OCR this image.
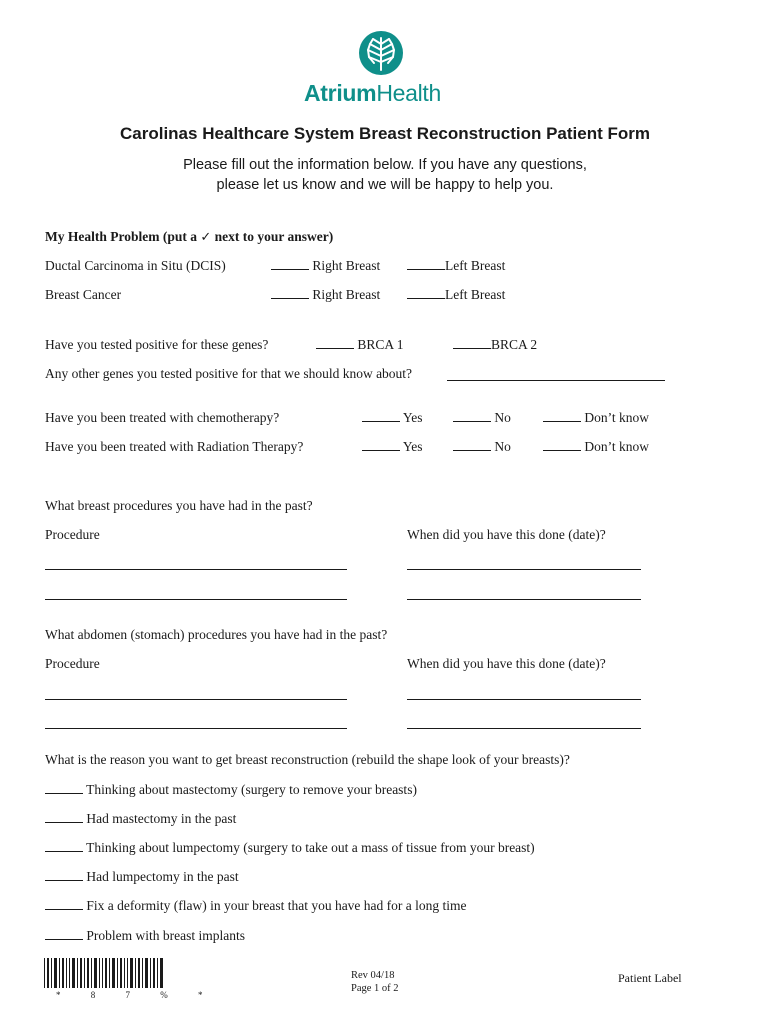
AtriumHealth
Carolinas Healthcare System Breast Reconstruction Patient Form
Please fill out the information below. If you have any questions,
please let us know and we will be happy to help you.
My Health Problem (put a ✓ next to your answer)
Ductal Carcinoma in Situ (DCIS)	Right Breast	Left Breast
Breast Cancer	Right Breast	Left Breast
Have you tested positive for these genes?	BRCA 1	BRCA 2
Any other genes you tested positive for that we should know about?
Have you been treated with chemotherapy?	Yes	No	Don’t know
Have you been treated with Radiation Therapy?	Yes	No	Don’t know
What breast procedures you have had in the past?
Procedure	When did you have this done (date)?
What abdomen (stomach) procedures you have had in the past?
Procedure	When did you have this done (date)?
What is the reason you want to get breast reconstruction (rebuild the shape look of your breasts)?
Thinking about mastectomy (surgery to remove your breasts)
Had mastectomy in the past
Thinking about lumpectomy (surgery to take out a mass of tissue from your breast)
Had lumpectomy in the past
Fix a deformity (flaw) in your breast that you have had for a long time
Problem with breast implants
* 8 7 % *
Rev 04/18
Page 1 of 2
Patient Label
